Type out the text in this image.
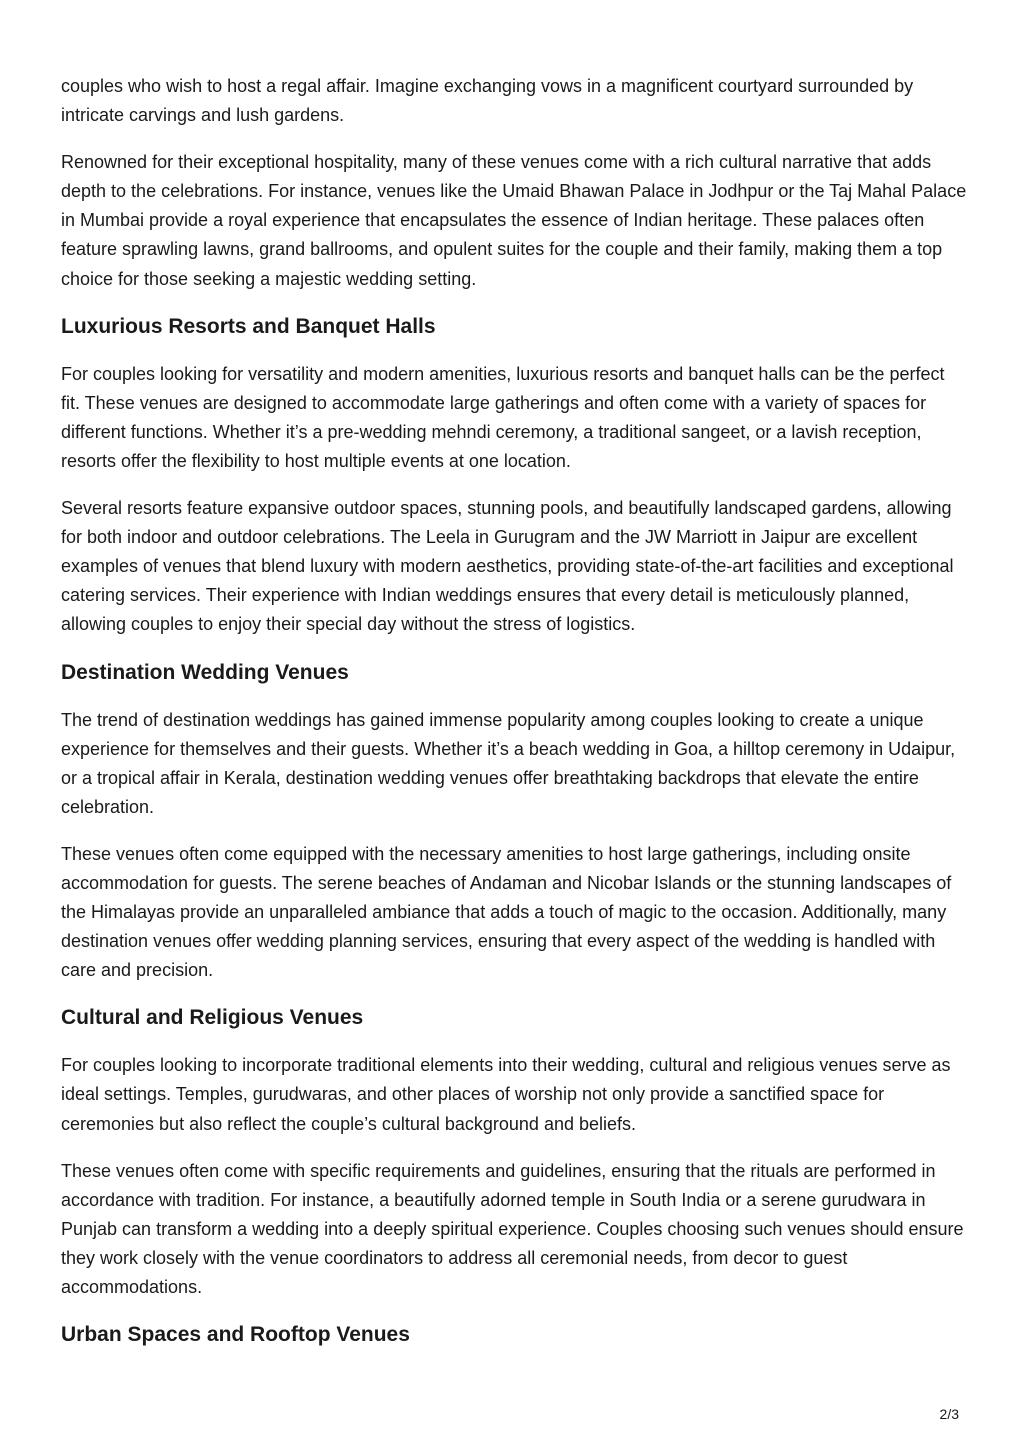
couples who wish to host a regal affair. Imagine exchanging vows in a magnificent courtyard surrounded by intricate carvings and lush gardens.

Renowned for their exceptional hospitality, many of these venues come with a rich cultural narrative that adds depth to the celebrations. For instance, venues like the Umaid Bhawan Palace in Jodhpur or the Taj Mahal Palace in Mumbai provide a royal experience that encapsulates the essence of Indian heritage. These palaces often feature sprawling lawns, grand ballrooms, and opulent suites for the couple and their family, making them a top choice for those seeking a majestic wedding setting.

Luxurious Resorts and Banquet Halls

For couples looking for versatility and modern amenities, luxurious resorts and banquet halls can be the perfect fit. These venues are designed to accommodate large gatherings and often come with a variety of spaces for different functions. Whether it’s a pre-wedding mehndi ceremony, a traditional sangeet, or a lavish reception, resorts offer the flexibility to host multiple events at one location.

Several resorts feature expansive outdoor spaces, stunning pools, and beautifully landscaped gardens, allowing for both indoor and outdoor celebrations. The Leela in Gurugram and the JW Marriott in Jaipur are excellent examples of venues that blend luxury with modern aesthetics, providing state-of-the-art facilities and exceptional catering services. Their experience with Indian weddings ensures that every detail is meticulously planned, allowing couples to enjoy their special day without the stress of logistics.

Destination Wedding Venues

The trend of destination weddings has gained immense popularity among couples looking to create a unique experience for themselves and their guests. Whether it’s a beach wedding in Goa, a hilltop ceremony in Udaipur, or a tropical affair in Kerala, destination wedding venues offer breathtaking backdrops that elevate the entire celebration.

These venues often come equipped with the necessary amenities to host large gatherings, including onsite accommodation for guests. The serene beaches of Andaman and Nicobar Islands or the stunning landscapes of the Himalayas provide an unparalleled ambiance that adds a touch of magic to the occasion. Additionally, many destination venues offer wedding planning services, ensuring that every aspect of the wedding is handled with care and precision.

Cultural and Religious Venues

For couples looking to incorporate traditional elements into their wedding, cultural and religious venues serve as ideal settings. Temples, gurudwaras, and other places of worship not only provide a sanctified space for ceremonies but also reflect the couple’s cultural background and beliefs.

These venues often come with specific requirements and guidelines, ensuring that the rituals are performed in accordance with tradition. For instance, a beautifully adorned temple in South India or a serene gurudwara in Punjab can transform a wedding into a deeply spiritual experience. Couples choosing such venues should ensure they work closely with the venue coordinators to address all ceremonial needs, from decor to guest accommodations.

Urban Spaces and Rooftop Venues
2/3
